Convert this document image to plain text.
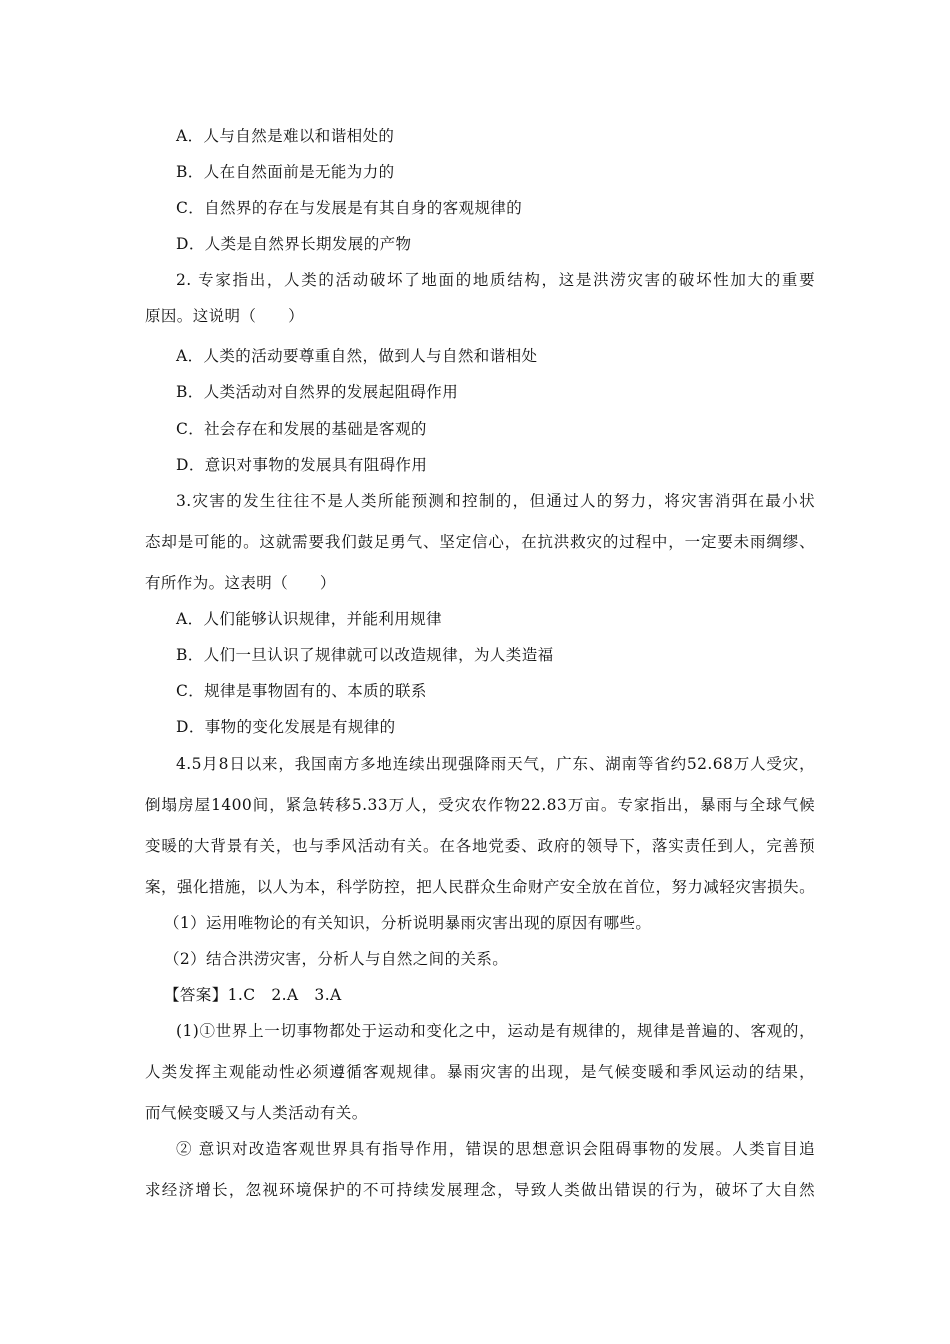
A．人与自然是难以和谐相处的
B．人在自然面前是无能为力的
C．自然界的存在与发展是有其自身的客观规律的
D．人类是自然界长期发展的产物
2. 专家指出，人类的活动破坏了地面的地质结构，这是洪涝灾害的破坏性加大的重要
原因。这说明（　　）
A．人类的活动要尊重自然，做到人与自然和谐相处
B．人类活动对自然界的发展起阻碍作用
C．社会存在和发展的基础是客观的
D．意识对事物的发展具有阻碍作用
3.灾害的发生往往不是人类所能预测和控制的，但通过人的努力，将灾害消弭在最小状
态却是可能的。这就需要我们鼓足勇气、坚定信心，在抗洪救灾的过程中，一定要未雨绸缪、
有所作为。这表明（　　）
A．人们能够认识规律，并能利用规律
B．人们一旦认识了规律就可以改造规律，为人类造福
C．规律是事物固有的、本质的联系
D．事物的变化发展是有规律的
4.5月8日以来，我国南方多地连续出现强降雨天气，广东、湖南等省约52.68万人受灾，
倒塌房屋1400间，紧急转移5.33万人，受灾农作物22.83万亩。专家指出，暴雨与全球气候
变暖的大背景有关，也与季风活动有关。在各地党委、政府的领导下，落实责任到人，完善预
案，强化措施，以人为本，科学防控，把人民群众生命财产安全放在首位，努力减轻灾害损失。
（1）运用唯物论的有关知识，分析说明暴雨灾害出现的原因有哪些。
（2）结合洪涝灾害，分析人与自然之间的关系。
【答案】1.C　2.A　3.A
(1)①世界上一切事物都处于运动和变化之中，运动是有规律的，规律是普遍的、客观的，
人类发挥主观能动性必须遵循客观规律。暴雨灾害的出现，是气候变暖和季风运动的结果，
而气候变暖又与人类活动有关。
② 意识对改造客观世界具有指导作用，错误的思想意识会阻碍事物的发展。人类盲目追
求经济增长，忽视环境保护的不可持续发展理念，导致人类做出错误的行为，破坏了大自然
